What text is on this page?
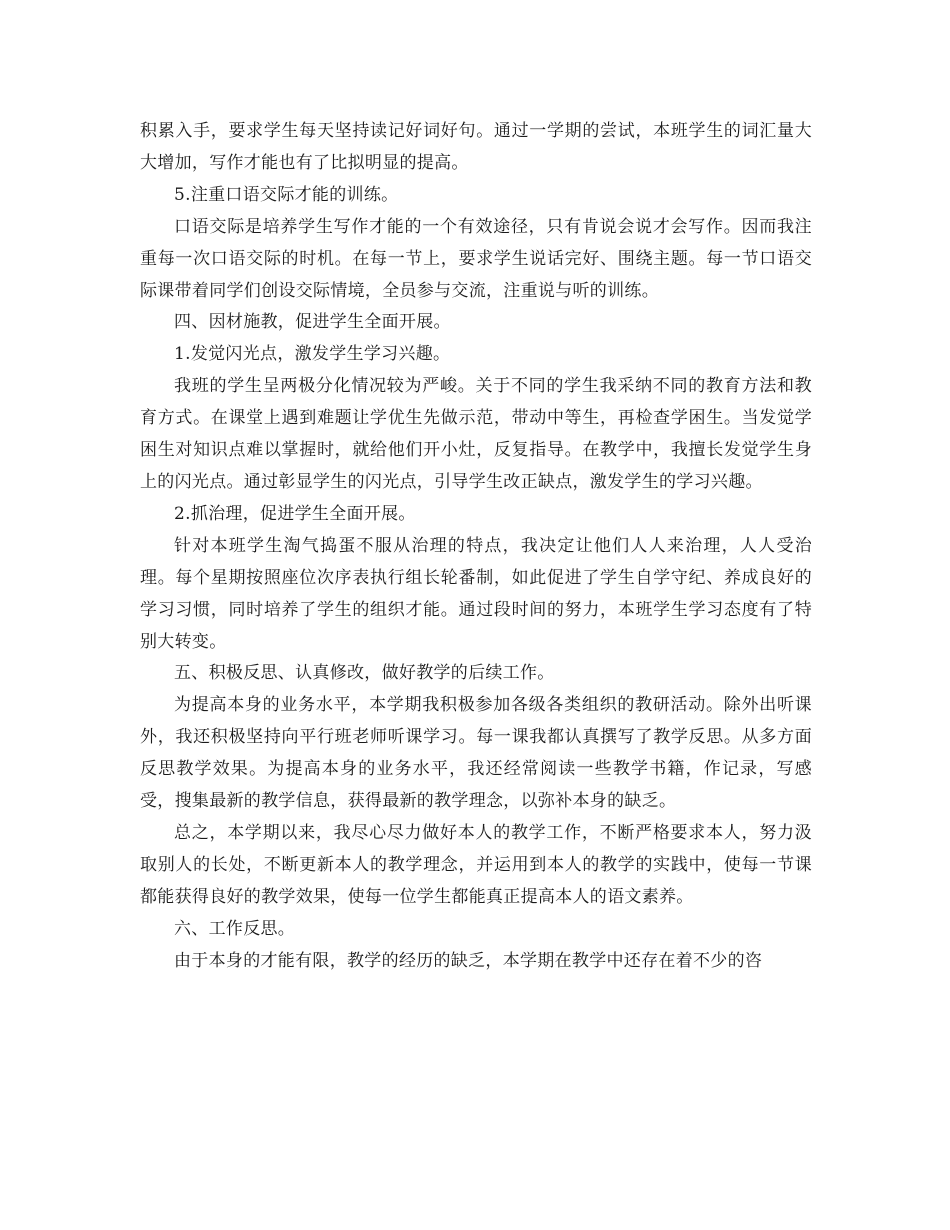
积累入手，要求学生每天坚持读记好词好句。通过一学期的尝试，本班学生的词汇量大大增加，写作才能也有了比拟明显的提高。

5.注重口语交际才能的训练。

口语交际是培养学生写作才能的一个有效途径，只有肯说会说才会写作。因而我注重每一次口语交际的时机。在每一节上，要求学生说话完好、围绕主题。每一节口语交际课带着同学们创设交际情境，全员参与交流，注重说与听的训练。

四、因材施教，促进学生全面开展。

1.发觉闪光点，激发学生学习兴趣。

我班的学生呈两极分化情况较为严峻。关于不同的学生我采纳不同的教育方法和教育方式。在课堂上遇到难题让学优生先做示范，带动中等生，再检查学困生。当发觉学困生对知识点难以掌握时，就给他们开小灶，反复指导。在教学中，我擅长发觉学生身上的闪光点。通过彰显学生的闪光点，引导学生改正缺点，激发学生的学习兴趣。

2.抓治理，促进学生全面开展。

针对本班学生淘气捣蛋不服从治理的特点，我决定让他们人人来治理，人人受治理。每个星期按照座位次序表执行组长轮番制，如此促进了学生自学守纪、养成良好的学习习惯，同时培养了学生的组织才能。通过段时间的努力，本班学生学习态度有了特别大转变。

五、积极反思、认真修改，做好教学的后续工作。

为提高本身的业务水平，本学期我积极参加各级各类组织的教研活动。除外出听课外，我还积极坚持向平行班老师听课学习。每一课我都认真撰写了教学反思。从多方面反思教学效果。为提高本身的业务水平，我还经常阅读一些教学书籍，作记录，写感受，搜集最新的教学信息，获得最新的教学理念，以弥补本身的缺乏。

总之，本学期以来，我尽心尽力做好本人的教学工作，不断严格要求本人，努力汲取别人的长处，不断更新本人的教学理念，并运用到本人的教学的实践中，使每一节课都能获得良好的教学效果，使每一位学生都能真正提高本人的语文素养。

六、工作反思。

由于本身的才能有限，教学的经历的缺乏，本学期在教学中还存在着不少的咨
